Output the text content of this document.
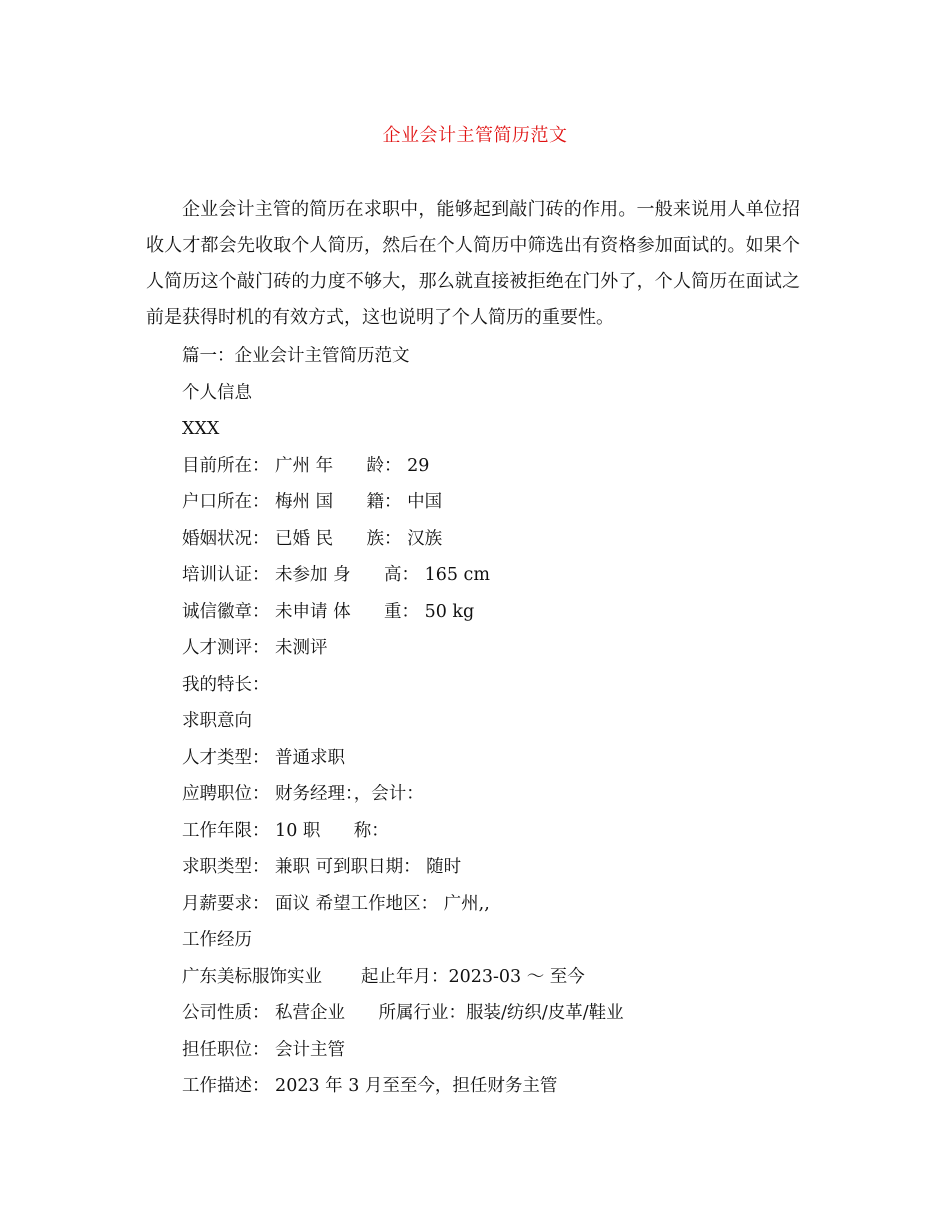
企业会计主管简历范文
企业会计主管的简历在求职中，能够起到敲门砖的作用。一般来说用人单位招收人才都会先收取个人简历，然后在个人简历中筛选出有资格参加面试的。如果个人简历这个敲门砖的力度不够大，那么就直接被拒绝在门外了，个人简历在面试之前是获得时机的有效方式，这也说明了个人简历的重要性。
篇一：企业会计主管简历范文
个人信息
XXX
目前所在： 广州 年      龄： 29
户口所在： 梅州 国      籍： 中国
婚姻状况： 已婚 民      族： 汉族
培训认证： 未参加 身      高： 165 cm
诚信徽章： 未申请 体      重： 50 kg
人才测评： 未测评
我的特长：
求职意向
人才类型： 普通求职
应聘职位： 财务经理：，会计：
工作年限： 10 职      称：
求职类型： 兼职 可到职日期： 随时
月薪要求： 面议 希望工作地区： 广州,,
工作经历
广东美标服饰实业       起止年月：2023-03 ～ 至今
公司性质： 私营企业      所属行业：服装/纺织/皮革/鞋业
担任职位： 会计主管
工作描述： 2023 年 3 月至至今，担任财务主管
